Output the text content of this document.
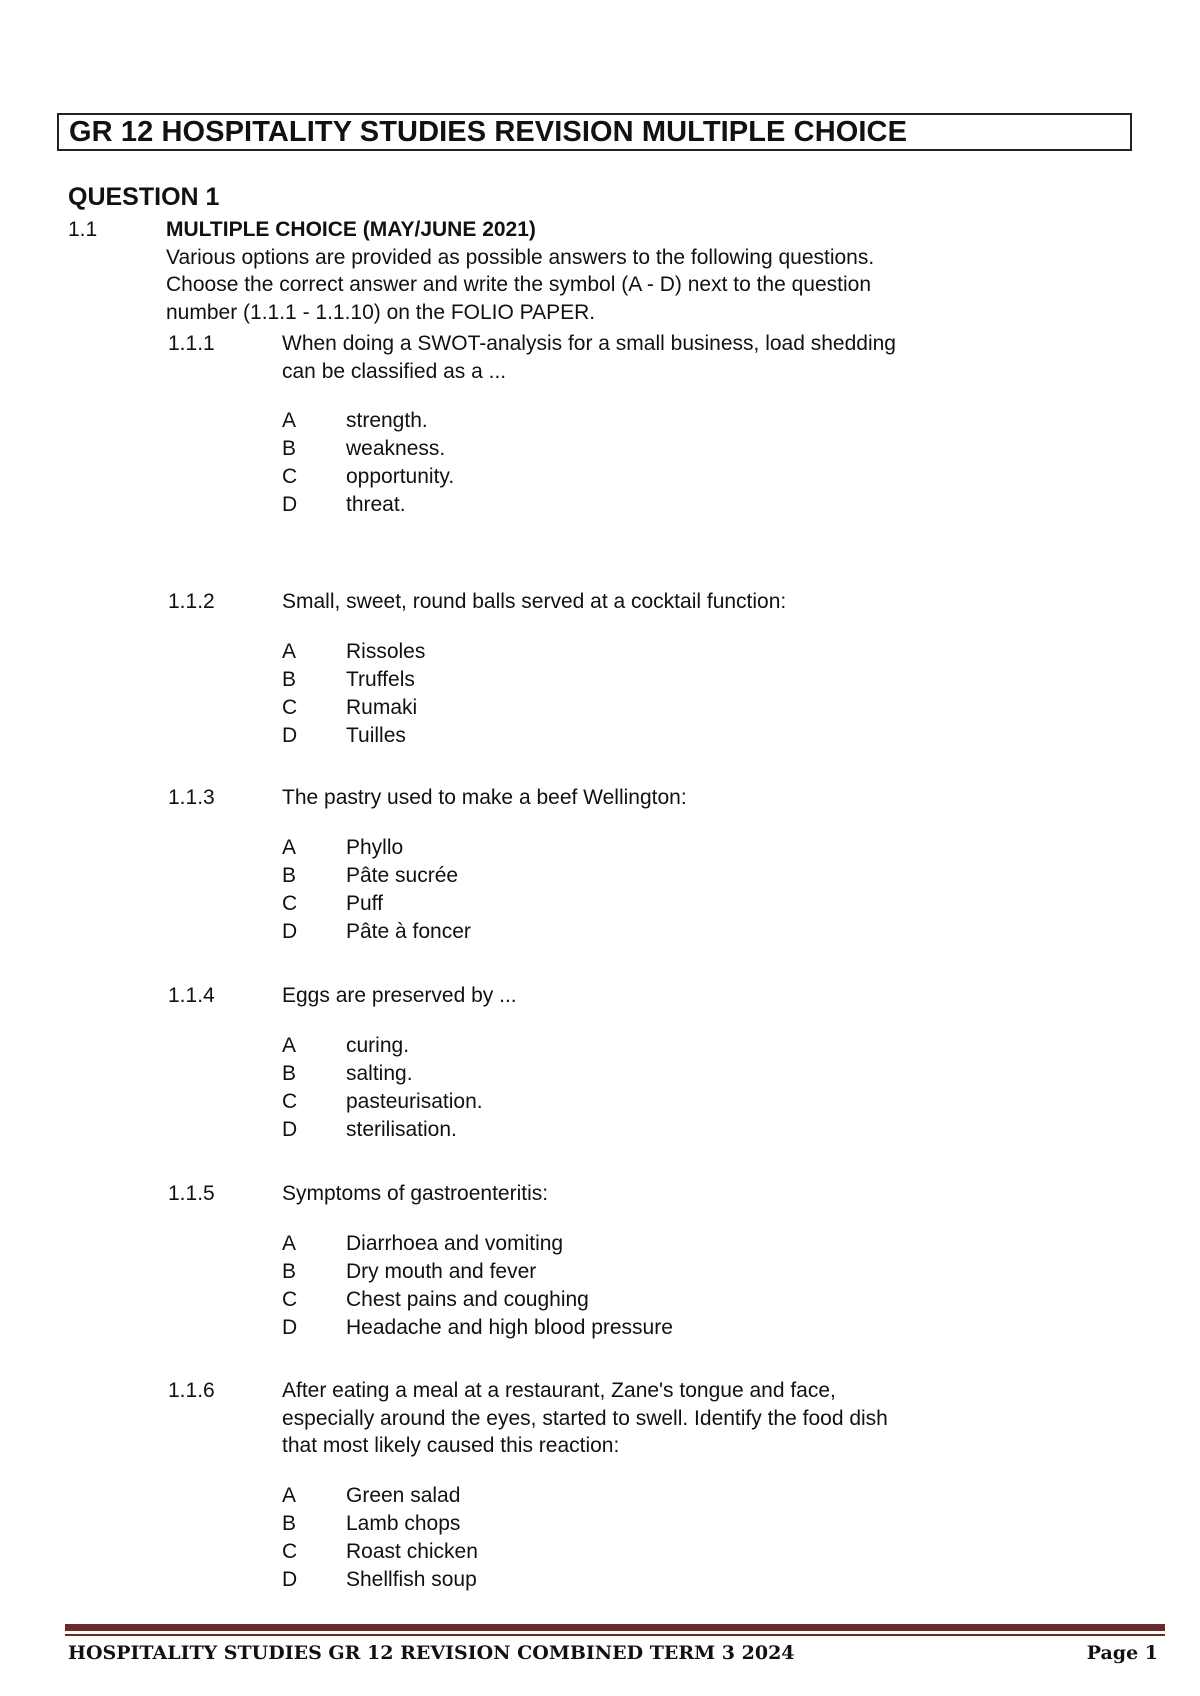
GR 12 HOSPITALITY STUDIES REVISION MULTIPLE CHOICE
QUESTION 1
1.1	MULTIPLE CHOICE (MAY/JUNE 2021)
Various options are provided as possible answers to the following questions.
Choose the correct answer and write the symbol (A - D) next to the question
number (1.1.1 - 1.1.10) on the FOLIO PAPER.
1.1.1	When doing a SWOT-analysis for a small business, load shedding
can be classified as a ...
A	strength.
B	weakness.
C	opportunity.
D	threat.
1.1.2	Small, sweet, round balls served at a cocktail function:
A	Rissoles
B	Truffels
C	Rumaki
D	Tuilles
1.1.3	The pastry used to make a beef Wellington:
A	Phyllo
B	Pâte sucrée
C	Puff
D	Pâte à foncer
1.1.4	Eggs are preserved by ...
A	curing.
B	salting.
C	pasteurisation.
D	sterilisation.
1.1.5	Symptoms of gastroenteritis:
A	Diarrhoea and vomiting
B	Dry mouth and fever
C	Chest pains and coughing
D	Headache and high blood pressure
1.1.6	After eating a meal at a restaurant, Zane's tongue and face,
especially around the eyes, started to swell. Identify the food dish
that most likely caused this reaction:
A	Green salad
B	Lamb chops
C	Roast chicken
D	Shellfish soup
HOSPITALITY STUDIES GR 12 REVISION COMBINED TERM 3 2024	Page 1
